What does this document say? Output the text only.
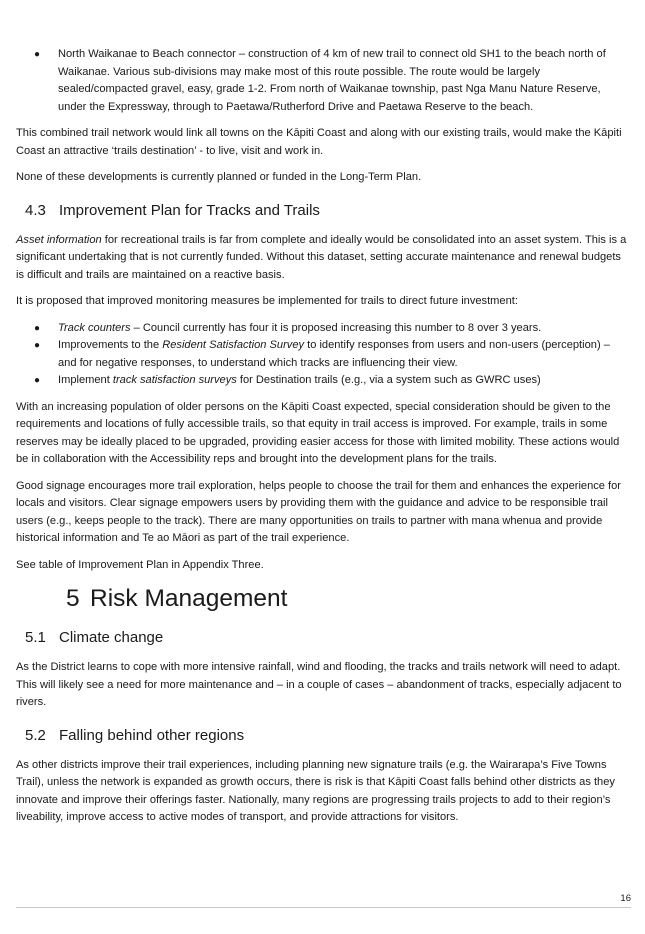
● North Waikanae to Beach connector – construction of 4 km of new trail to connect old SH1 to the beach north of Waikanae. Various sub-divisions may make most of this route possible. The route would be largely sealed/compacted gravel, easy, grade 1-2. From north of Waikanae township, past Nga Manu Nature Reserve, under the Expressway, through to Paetawa/Rutherford Drive and Paetawa Reserve to the beach.

This combined trail network would link all towns on the Kāpiti Coast and along with our existing trails, would make the Kāpiti Coast an attractive ‘trails destination’ - to live, visit and work in.

None of these developments is currently planned or funded in the Long-Term Plan.

4.3 Improvement Plan for Tracks and Trails

Asset information for recreational trails is far from complete and ideally would be consolidated into an asset system. This is a significant undertaking that is not currently funded. Without this dataset, setting accurate maintenance and renewal budgets is difficult and trails are maintained on a reactive basis.

It is proposed that improved monitoring measures be implemented for trails to direct future investment:

● Track counters – Council currently has four it is proposed increasing this number to 8 over 3 years.
● Improvements to the Resident Satisfaction Survey to identify responses from users and non-users (perception) – and for negative responses, to understand which tracks are influencing their view.
● Implement track satisfaction surveys for Destination trails (e.g., via a system such as GWRC uses)

With an increasing population of older persons on the Kāpiti Coast expected, special consideration should be given to the requirements and locations of fully accessible trails, so that equity in trail access is improved. For example, trails in some reserves may be ideally placed to be upgraded, providing easier access for those with limited mobility. These actions would be in collaboration with the Accessibility reps and brought into the development plans for the trails.

Good signage encourages more trail exploration, helps people to choose the trail for them and enhances the experience for locals and visitors. Clear signage empowers users by providing them with the guidance and advice to be responsible trail users (e.g., keeps people to the track). There are many opportunities on trails to partner with mana whenua and provide historical information and Te ao Māori as part of the trail experience.

See table of Improvement Plan in Appendix Three.

5 Risk Management
5.1 Climate change

As the District learns to cope with more intensive rainfall, wind and flooding, the tracks and trails network will need to adapt. This will likely see a need for more maintenance and – in a couple of cases – abandonment of tracks, especially adjacent to rivers.

5.2 Falling behind other regions

As other districts improve their trail experiences, including planning new signature trails (e.g. the Wairarapa’s Five Towns Trail), unless the network is expanded as growth occurs, there is risk is that Kāpiti Coast falls behind other districts as they innovate and improve their offerings faster. Nationally, many regions are progressing trails projects to add to their region’s liveability, improve access to active modes of transport, and provide attractions for visitors.

16
